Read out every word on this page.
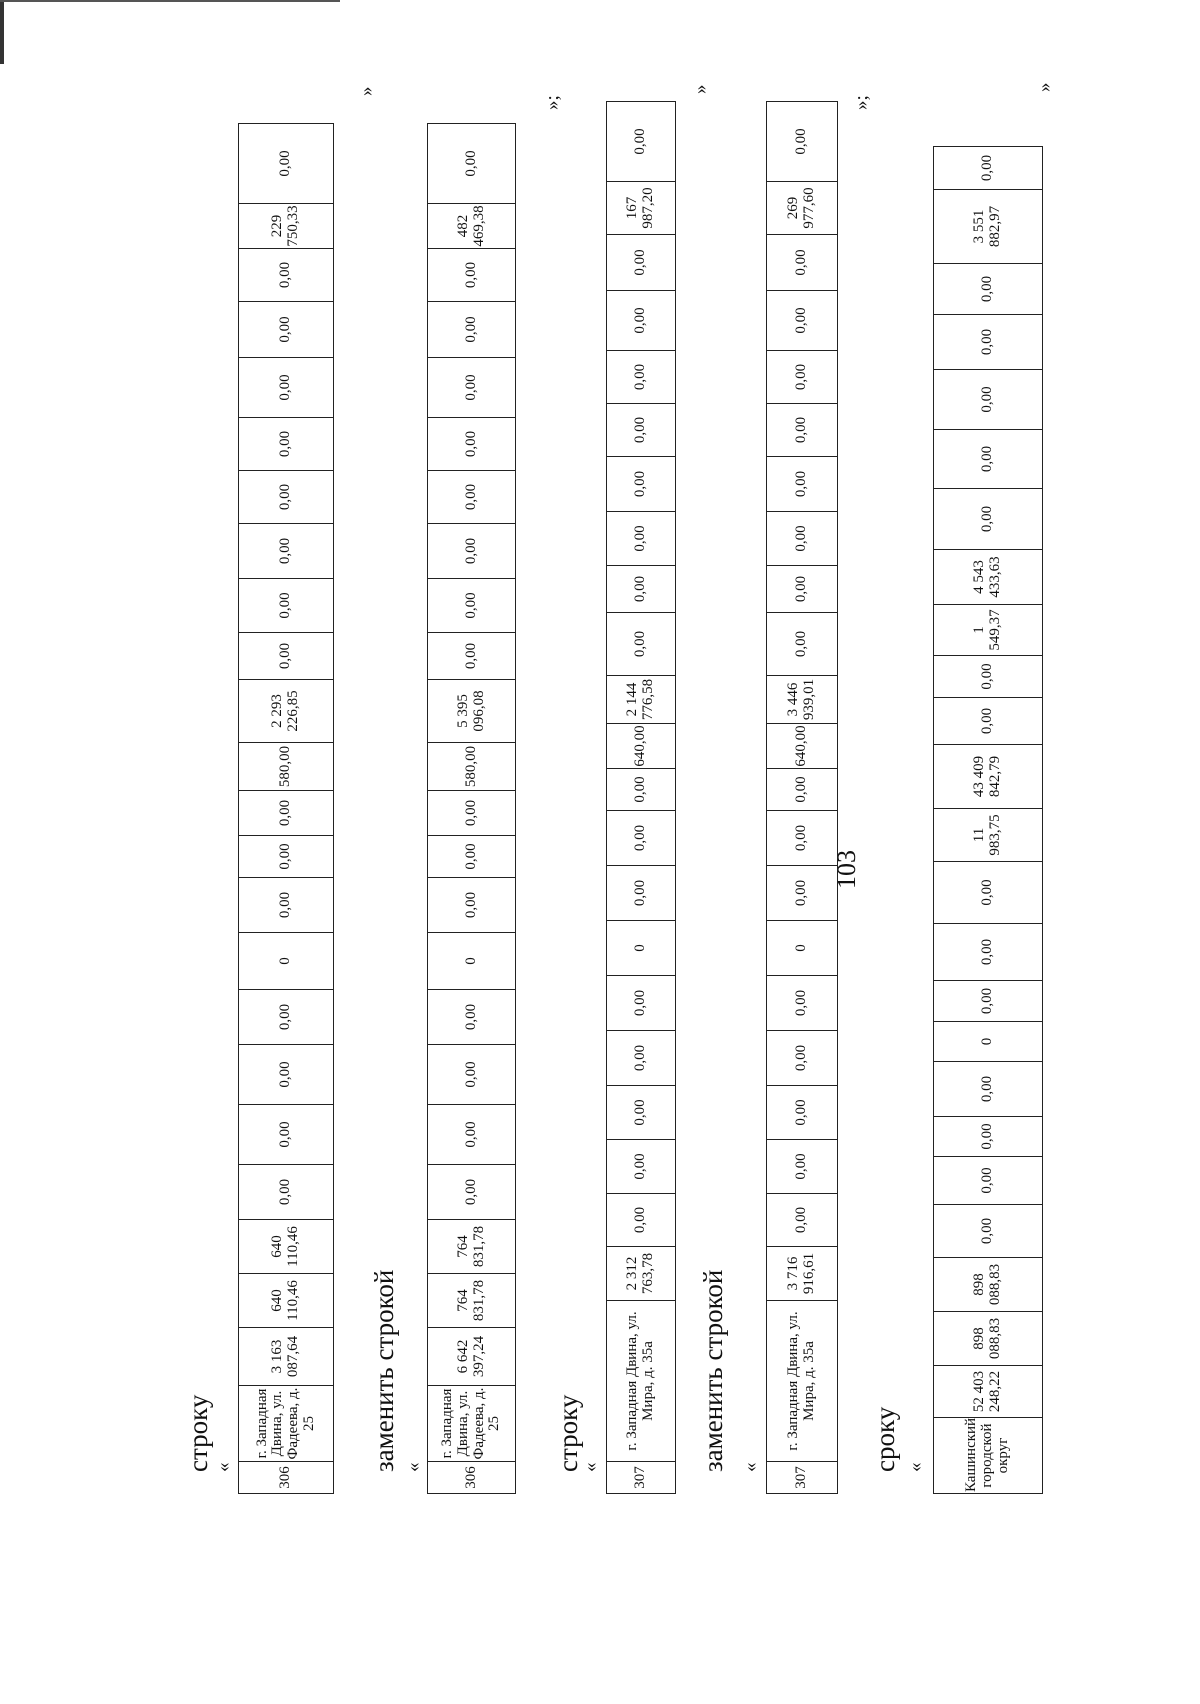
103
строку «	306	г. Западная Двина, ул. Фадеева, д. 25	3 163 087,64	640 110,46	640 110,46	0,00	0,00	0,00	0,00	0	0,00	0,00	0,00	580,00	2 293 226,85	0,00	0,00	0,00	0,00	0,00	0,00	0,00	0,00	229 750,33	0,00
»
заменить строкой «	306	г. Западная Двина, ул. Фадеева, д. 25	6 642 397,24	764 831,78	764 831,78	0,00	0,00	0,00	0,00	0	0,00	0,00	0,00	580,00	5 395 096,08	0,00	0,00	0,00	0,00	0,00	0,00	0,00	0,00	482 469,38	0,00
»;
строку
« 307	г. Западная Двина, ул. Мира, д. 35а	2 312 763,78	0,00	0,00	0,00	0,00	0,00	0	0,00	0,00	0,00	640,00	2 144 776,58	0,00	0,00	0,00	0,00	0,00	0,00	0,00	0,00	167 987,20	0,00
»
заменить строкой « 307	г. Западная Двина, ул. Мира, д. 35а	3 716 916,61	0,00	0,00	0,00	0,00	0,00	0	0,00	0,00	0,00	640,00	3 446 939,01	0,00	0,00	0,00	0,00	0,00	0,00	0,00	0,00	269 977,60	0,00
»;
сроку « Кашинский городской округ	52 403 248,22	898 088,83	898 088,83	0,00	0,00	0,00	0,00	0	0,00	0,00	0,00	11 983,75	43 409 842,79	0,00	0,00	1 549,37	4 543 433,63	0,00	0,00	0,00	0,00	0,00	3 551 882,97	0,00
»
